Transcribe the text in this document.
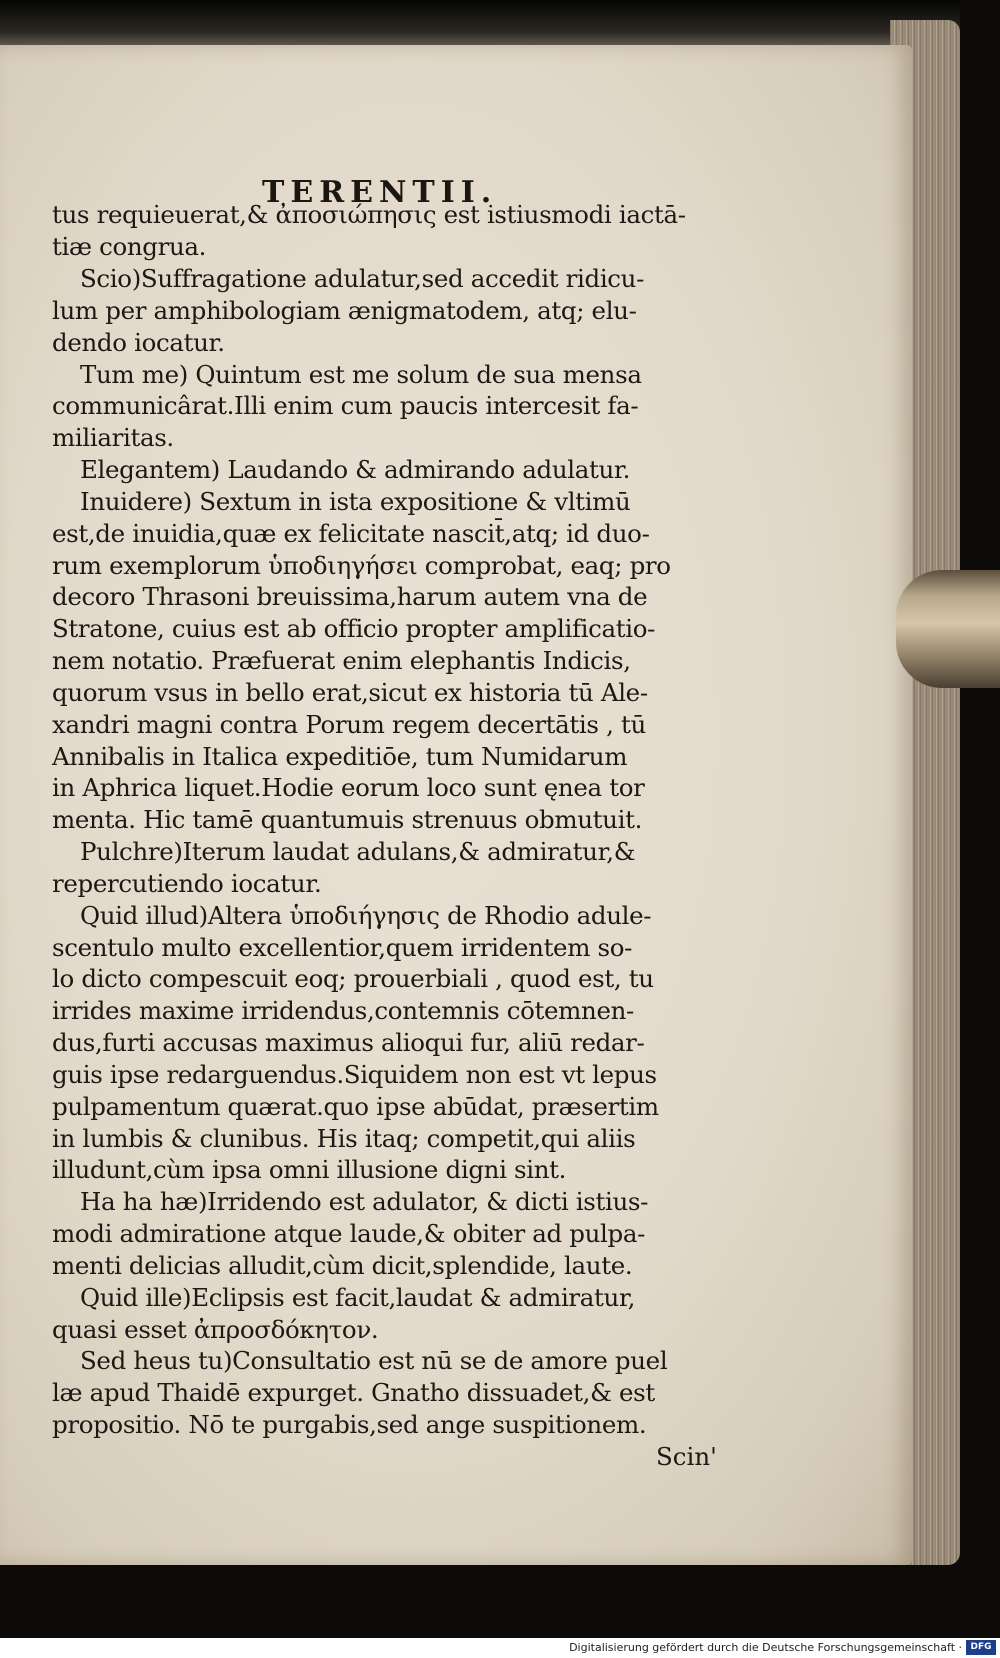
TERENTII.
tus requieuerat,& ἀποσιώπησις est istiusmodi iactā-
tiæ congrua.
Scio)Suffragatione adulatur,sed accedit ridicu-
lum per amphibologiam ænigmatodem, atq; elu-
dendo iocatur.
Tum me) Quintum est me solum de sua mensa
communicârat.Illi enim cum paucis intercesit fa-
miliaritas.
Elegantem) Laudando & admirando adulatur.
Inuidere) Sextum in ista expositione & vltimū
est,de inuidia,quæ ex felicitate nascit̄,atq; id duo-
rum exemplorum ὑποδιηγήσει comprobat, eaq; pro
decoro Thrasoni breuissima,harum autem vna de
Stratone, cuius est ab officio propter amplificatio-
nem notatio. Præfuerat enim elephantis Indicis,
quorum vsus in bello erat,sicut ex historia tū Ale-
xandri magni contra Porum regem decertātis , tū
Annibalis in Italica expeditiōe, tum Numidarum
in Aphrica liquet.Hodie eorum loco sunt ęnea tor
menta. Hic tamē quantumuis strenuus obmutuit.
Pulchre)Iterum laudat adulans,& admiratur,&
repercutiendo iocatur.
Quid illud)Altera ὑποδιήγησις de Rhodio adule-
scentulo multo excellentior,quem irridentem so-
lo dicto compescuit eoq; prouerbiali , quod est, tu
irrides maxime irridendus,contemnis cōtemnen-
dus,furti accusas maximus alioqui fur, aliū redar-
guis ipse redarguendus.Siquidem non est vt lepus
pulpamentum quærat.quo ipse abūdat, præsertim
in lumbis & clunibus. His itaq; competit,qui aliis
illudunt,cùm ipsa omni illusione digni sint.
Ha ha hæ)Irridendo est adulator, & dicti istius-
modi admiratione atque laude,& obiter ad pulpa-
menti delicias alludit,cùm dicit,splendide, laute.
Quid ille)Eclipsis est facit,laudat & admiratur,
quasi esset ἀπροσδόκητον.
Sed heus tu)Consultatio est nū se de amore puel
læ apud Thaidē expurget. Gnatho dissuadet,& est
propositio. Nō te purgabis,sed ange suspitionem.
Scin'
Digitalisierung gefördert durch die Deutsche Forschungsgemeinschaft · DFG
